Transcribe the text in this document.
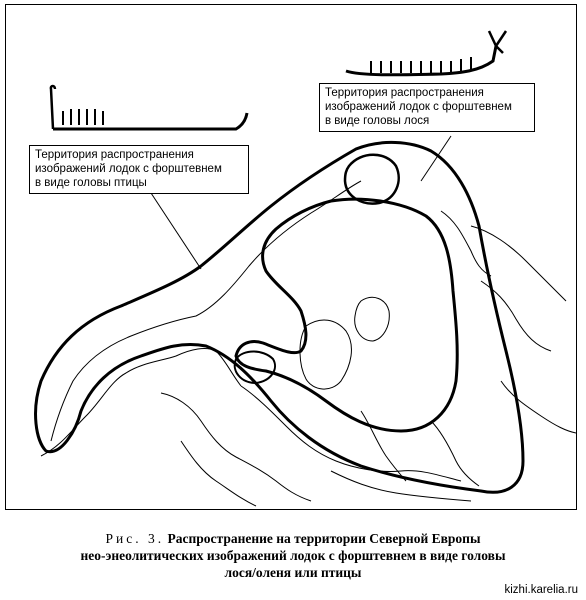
Территория распространения
изображений лодок с форштевнем
в виде головы птицы
Территория распространения
изображений лодок с форштевнем
в виде головы лося
Рис. 3. Распространение на территории Северной Европы
нео-энеолитических изображений лодок с форштевнем в виде головы
лося/оленя или птицы
kizhi.karelia.ru
